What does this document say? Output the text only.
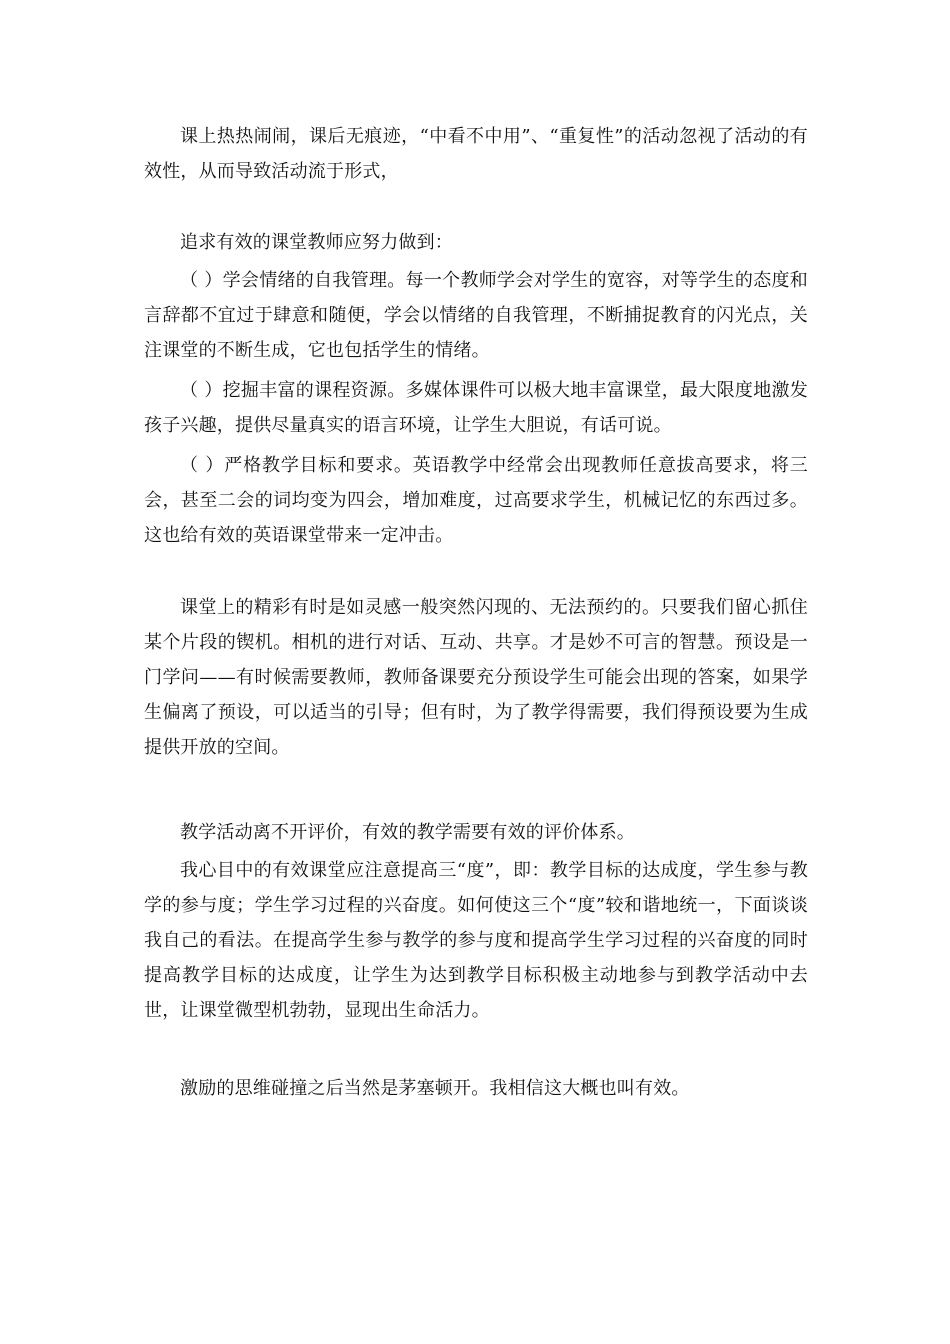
课上热热闹闹，课后无痕迹，“中看不中用”、“重复性”的活动忽视了活动的有效性，从而导致活动流于形式，

追求有效的课堂教师应努力做到：

（ ）学会情绪的自我管理。每一个教师学会对学生的宽容，对等学生的态度和言辞都不宜过于肆意和随便，学会以情绪的自我管理，不断捕捉教育的闪光点，关注课堂的不断生成，它也包括学生的情绪。

（ ）挖掘丰富的课程资源。多媒体课件可以极大地丰富课堂，最大限度地激发孩子兴趣，提供尽量真实的语言环境，让学生大胆说，有话可说。

（ ）严格教学目标和要求。英语教学中经常会出现教师任意拔高要求，将三会，甚至二会的词均变为四会，增加难度，过高要求学生，机械记忆的东西过多。这也给有效的英语课堂带来一定冲击。

课堂上的精彩有时是如灵感一般突然闪现的、无法预约的。只要我们留心抓住某个片段的锲机。相机的进行对话、互动、共享。才是妙不可言的智慧。预设是一门学问——有时候需要教师，教师备课要充分预设学生可能会出现的答案，如果学生偏离了预设，可以适当的引导；但有时，为了教学得需要，我们得预设要为生成提供开放的空间。

教学活动离不开评价，有效的教学需要有效的评价体系。

我心目中的有效课堂应注意提高三“度”，即：教学目标的达成度，学生参与教学的参与度；学生学习过程的兴奋度。如何使这三个“度”较和谐地统一，下面谈谈我自己的看法。在提高学生参与教学的参与度和提高学生学习过程的兴奋度的同时提高教学目标的达成度，让学生为达到教学目标积极主动地参与到教学活动中去世，让课堂微型机勃勃，显现出生命活力。

激励的思维碰撞之后当然是茅塞顿开。我相信这大概也叫有效。
